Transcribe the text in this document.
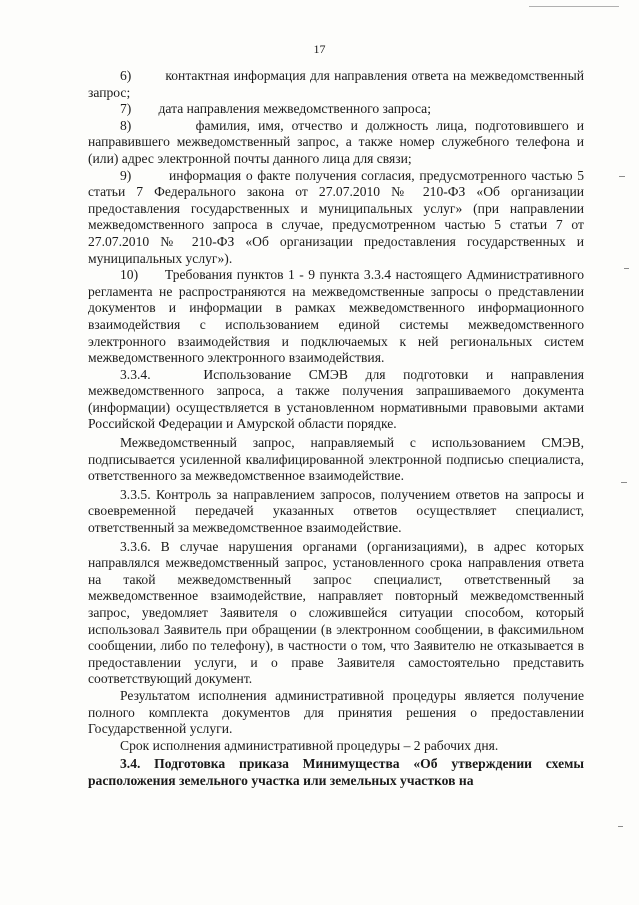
17

6)        контактная информация для направления ответа на межведомственный запрос;

7)        дата направления межведомственного запроса;

8)        фамилия, имя, отчество и должность лица, подготовившего и направившего межведомственный запрос, а также номер служебного телефона и (или) адрес электронной почты данного лица для связи;

9)        информация о факте получения согласия, предусмотренного частью 5 статьи 7 Федерального закона от 27.07.2010 № 210-ФЗ «Об организации предоставления государственных и муниципальных услуг» (при направлении межведомственного запроса в случае, предусмотренном частью 5 статьи 7 от 27.07.2010 № 210-ФЗ «Об организации предоставления государственных и муниципальных услуг»).

10)      Требования пунктов 1 - 9 пункта 3.3.4 настоящего Административного регламента не распространяются на межведомственные запросы о представлении документов и информации в рамках межведомственного информационного взаимодействия с использованием единой системы межведомственного электронного взаимодействия и подключаемых к ней региональных систем межведомственного электронного взаимодействия.

3.3.4.   Использование СМЭВ для подготовки и направления межведомственного запроса, а также получения запрашиваемого документа (информации) осуществляется в установленном нормативными правовыми актами Российской Федерации и Амурской области порядке.

Межведомственный запрос, направляемый с использованием СМЭВ, подписывается усиленной квалифицированной электронной подписью специалиста, ответственного за межведомственное взаимодействие.

3.3.5. Контроль за направлением запросов, получением ответов на запросы и своевременной передачей указанных ответов осуществляет специалист, ответственный за межведомственное взаимодействие.

3.3.6. В случае нарушения органами (организациями), в адрес которых направлялся межведомственный запрос, установленного срока направления ответа на такой межведомственный запрос специалист, ответственный за межведомственное взаимодействие, направляет повторный межведомственный запрос, уведомляет Заявителя о сложившейся ситуации способом, который использовал Заявитель при обращении (в электронном сообщении, в факсимильном сообщении, либо по телефону), в частности о том, что Заявителю не отказывается в предоставлении услуги, и о праве Заявителя самостоятельно представить соответствующий документ.

Результатом исполнения административной процедуры является получение полного комплекта документов для принятия решения о предоставлении Государственной услуги.

Срок исполнения административной процедуры – 2 рабочих дня.

3.4. Подготовка приказа Минимущества «Об утверждении схемы расположения земельного участка или земельных участков на
